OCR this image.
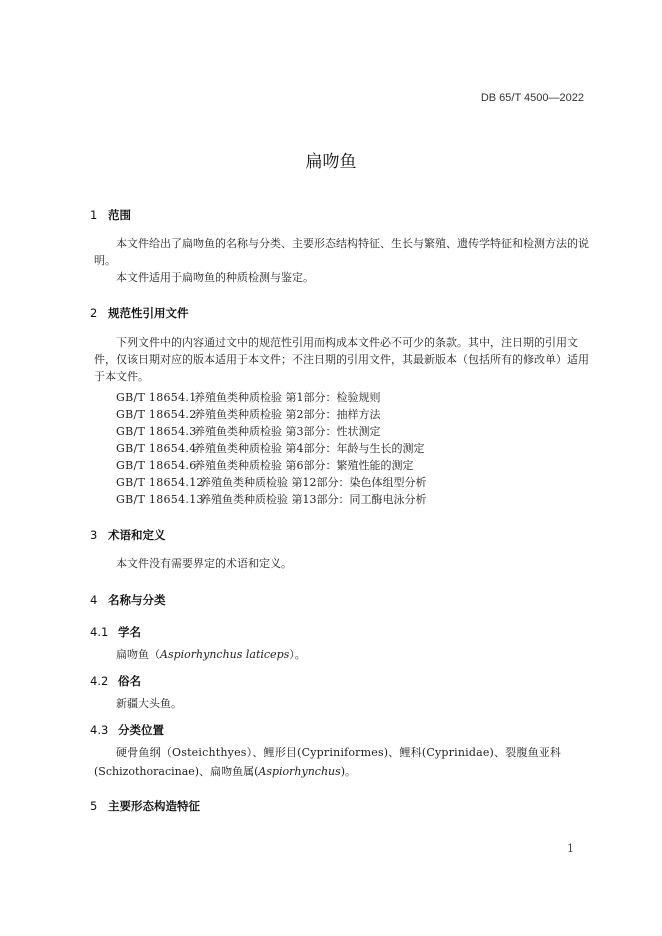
DB 65/T 4500—2022
扁吻鱼
1 范围
本文件给出了扁吻鱼的名称与分类、主要形态结构特征、生长与繁殖、遗传学特征和检测方法的说明。
本文件适用于扁吻鱼的种质检测与鉴定。
2 规范性引用文件
下列文件中的内容通过文中的规范性引用而构成本文件必不可少的条款。其中，注日期的引用文件，仅该日期对应的版本适用于本文件；不注日期的引用文件，其最新版本（包括所有的修改单）适用于本文件。
GB/T 18654.1养殖鱼类种质检验 第1部分：检验规则
GB/T 18654.2养殖鱼类种质检验 第2部分：抽样方法
GB/T 18654.3养殖鱼类种质检验 第3部分：性状测定
GB/T 18654.4养殖鱼类种质检验 第4部分：年龄与生长的测定
GB/T 18654.6养殖鱼类种质检验 第6部分：繁殖性能的测定
GB/T 18654.12养殖鱼类种质检验 第12部分：染色体组型分析
GB/T 18654.13养殖鱼类种质检验 第13部分：同工酶电泳分析
3 术语和定义
本文件没有需要界定的术语和定义。
4 名称与分类
4.1 学名
扁吻鱼（Aspiorhynchus laticeps）。
4.2 俗名
新疆大头鱼。
4.3 分类位置
硬骨鱼纲（Osteichthyes）、鲤形目(Cypriniformes)、鲤科(Cyprinidae)、裂腹鱼亚科
(Schizothoracinae)、扁吻鱼属(Aspiorhynchus)。
5 主要形态构造特征
1
